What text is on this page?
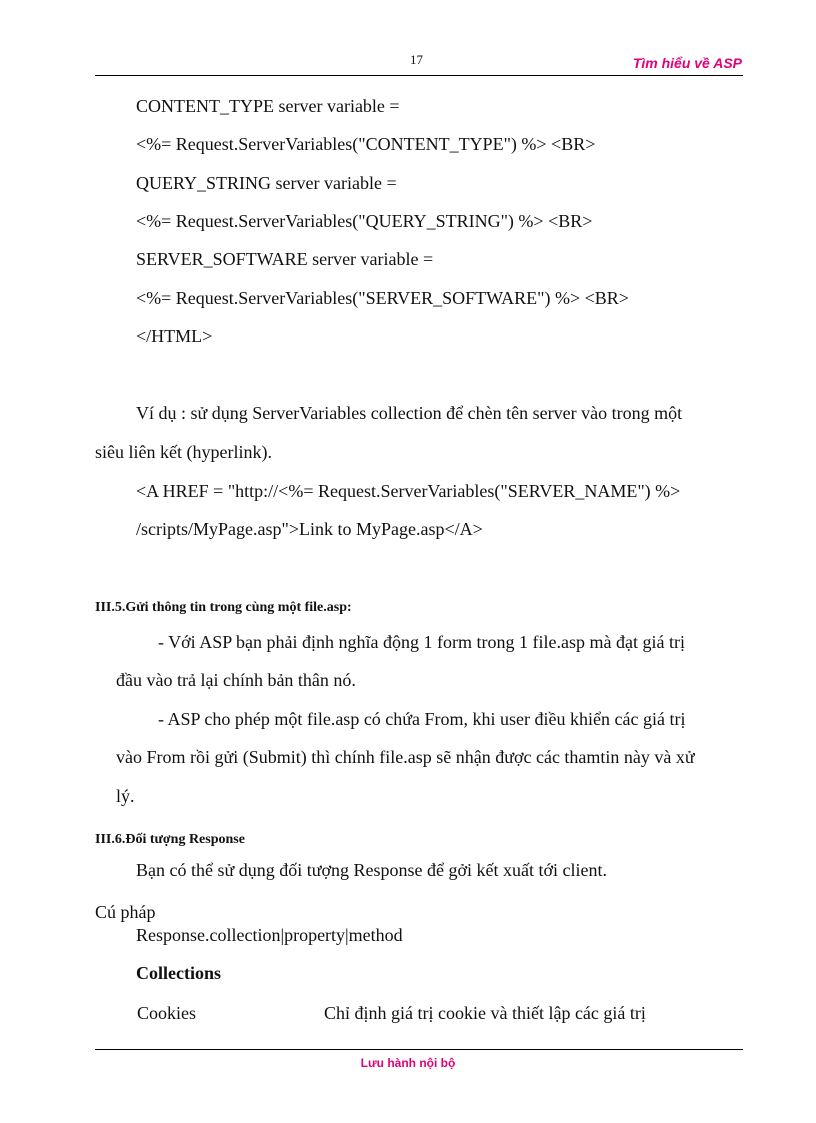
17	Tìm hiểu về ASP
CONTENT_TYPE server variable =
<%= Request.ServerVariables("CONTENT_TYPE") %> <BR>
QUERY_STRING server variable =
<%= Request.ServerVariables("QUERY_STRING") %> <BR>
SERVER_SOFTWARE server variable =
<%= Request.ServerVariables("SERVER_SOFTWARE") %> <BR>
</HTML>
Ví dụ : sử dụng ServerVariables collection để chèn tên server vào trong một
siêu liên kết (hyperlink).
<A HREF = "http://<%= Request.ServerVariables("SERVER_NAME") %>
/scripts/MyPage.asp">Link to MyPage.asp</A>
III.5.Gửi thông tin trong cùng một file.asp:
- Với ASP bạn phải định nghĩa động 1 form trong 1 file.asp mà đạt giá trị
đầu vào trả lại chính bản thân nó.
- ASP cho phép một file.asp có chứa From, khi user điều khiển các giá trị
vào From rồi gửi (Submit) thì chính file.asp sẽ nhận được các thamtin này và xử
lý.
III.6.Đối tượng Response
Bạn có thể sử dụng đối tượng Response để gởi kết xuất tới client.
Cú pháp
Response.collection|property|method
Collections
Cookies	Chỉ định giá trị cookie và thiết lập các giá trị
Lưu hành nội bộ
